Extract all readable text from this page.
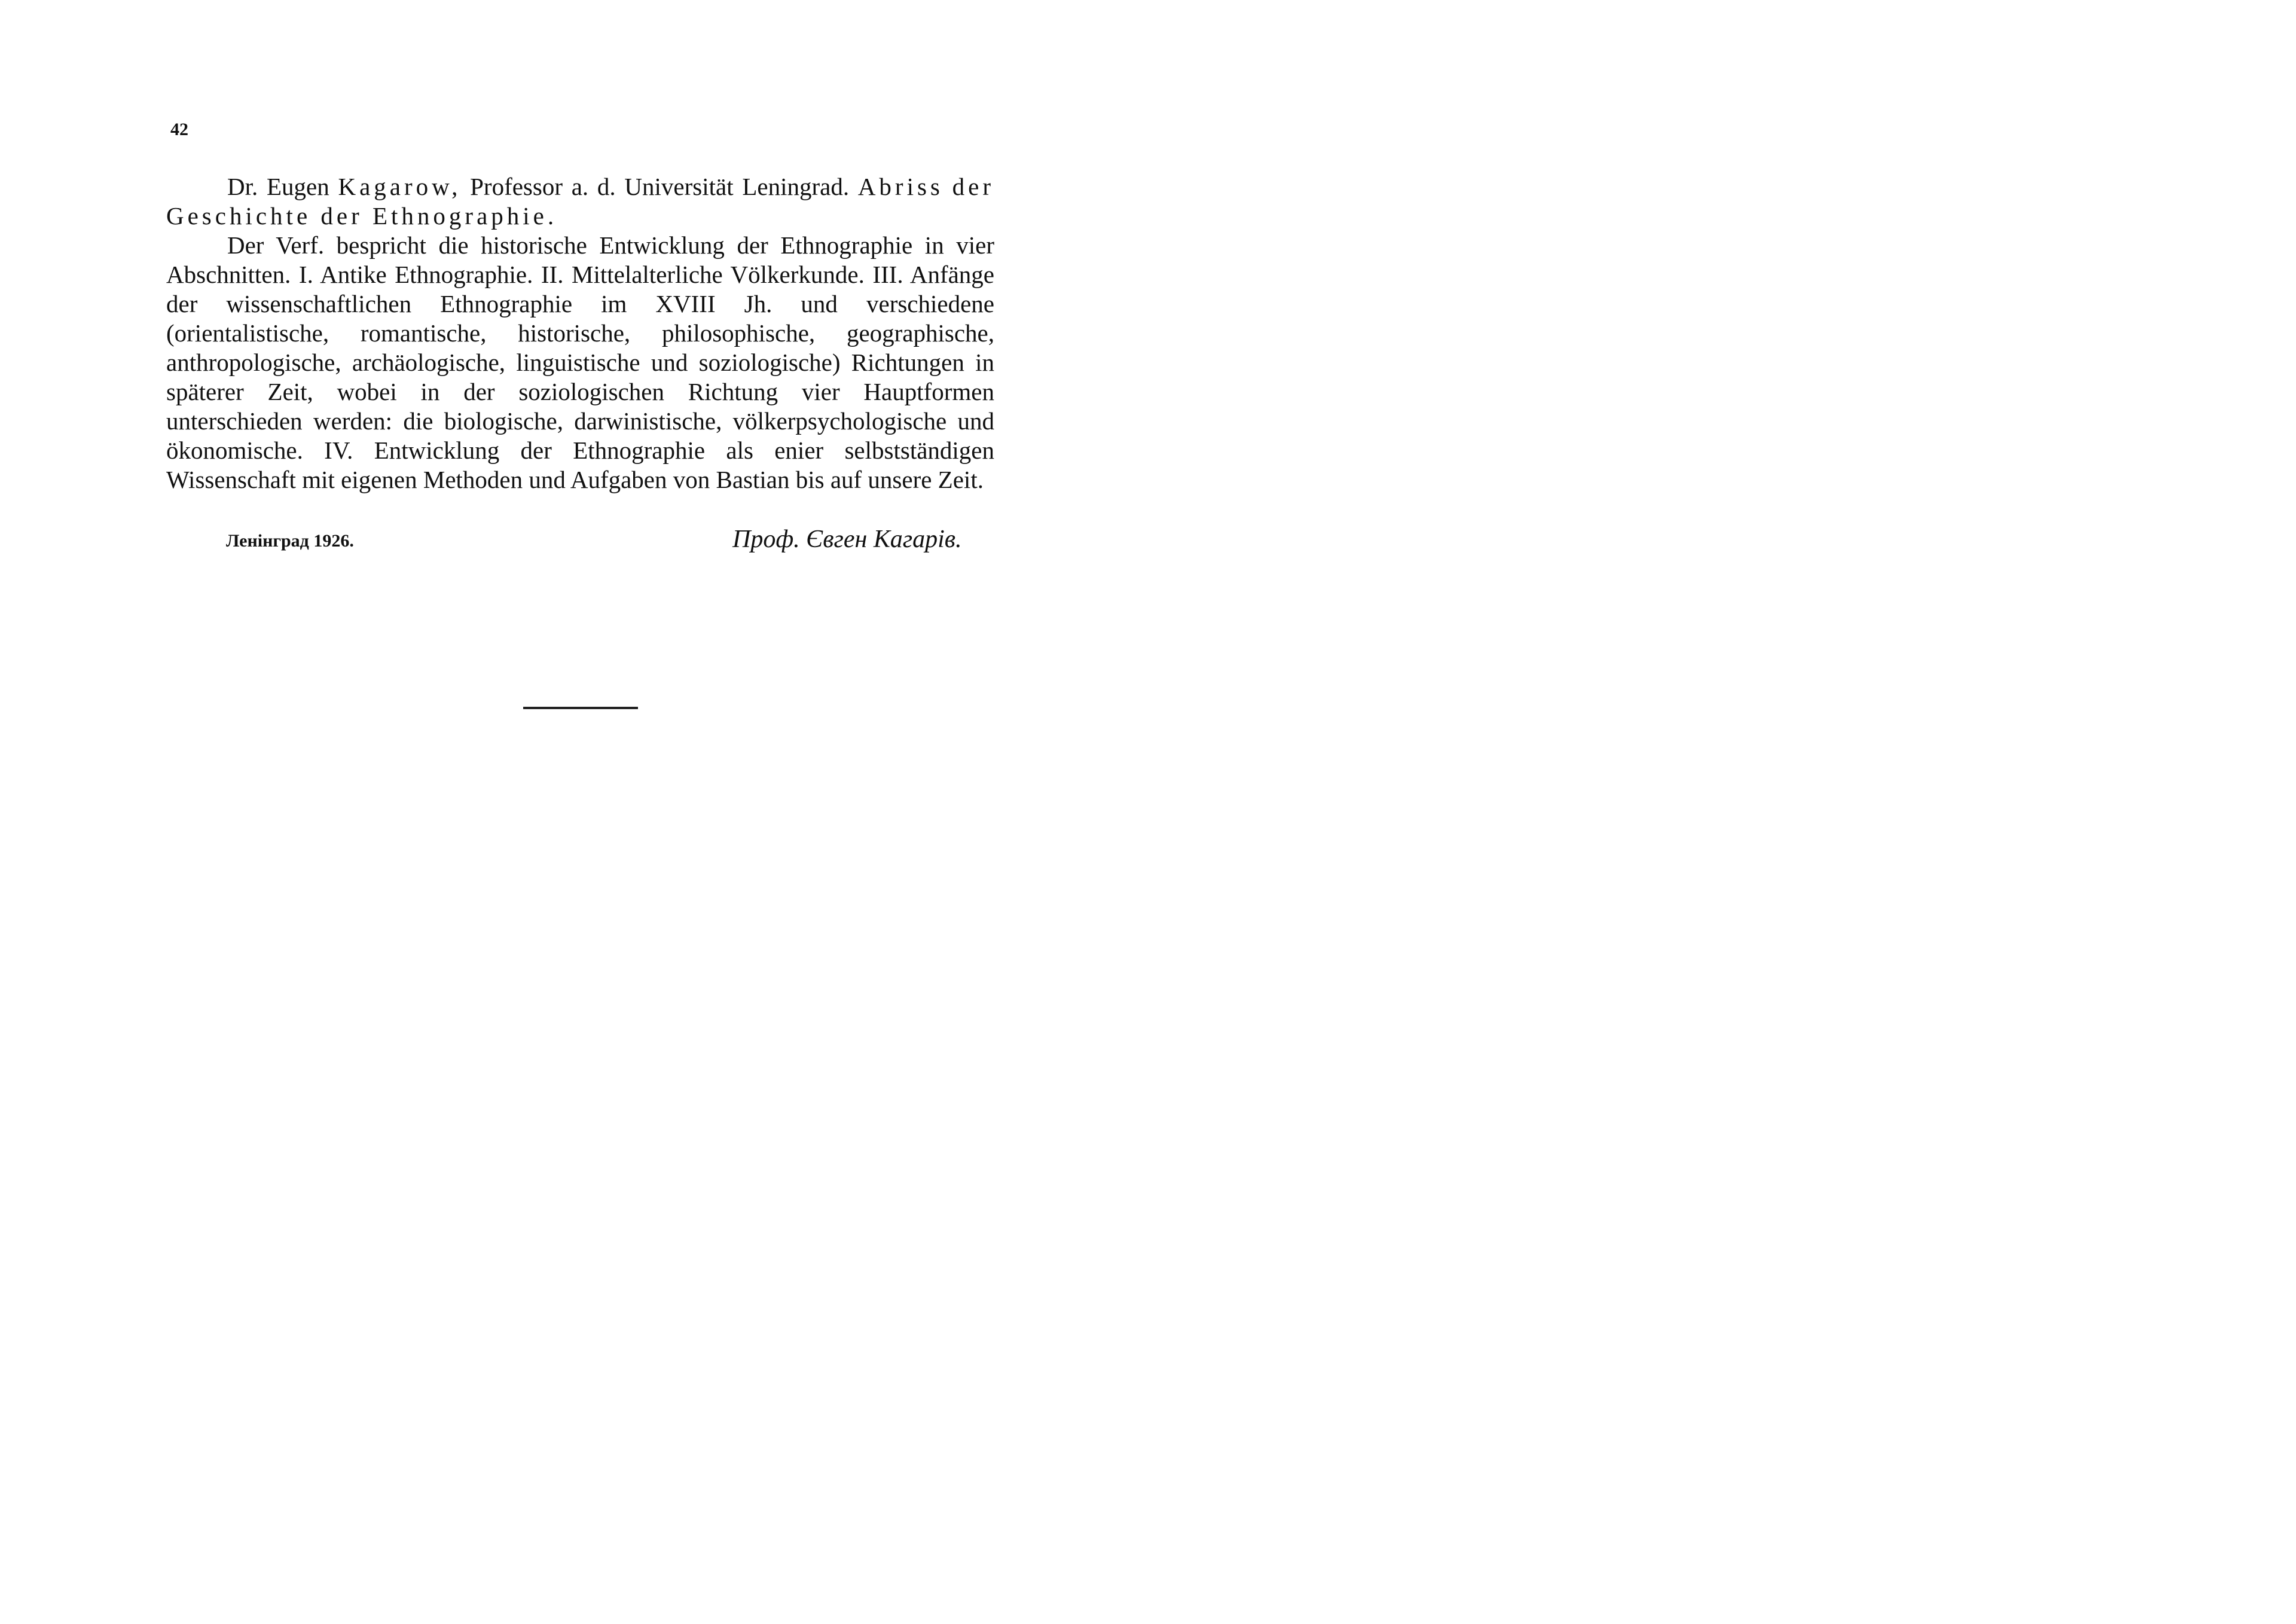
42

Dr. Eugen Kagarow, Professor a. d. Universität Leningrad. Abriss der Geschichte der Ethnographie.

Der Verf. bespricht die historische Entwicklung der Ethnographie in vier Abschnitten. I. Antike Ethnographie. II. Mittelalterliche Völkerkunde. III. Anfänge der wissenschaftlichen Ethnographie im XVIII Jh. und verschiedene (orientalistische, romantische, historische, philosophische, geographische, anthropologische, archäologische, linguistische und soziologische) Richtungen in späterer Zeit, wobei in der soziologischen Richtung vier Hauptformen unterschieden werden: die biologische, darwinistische, völkerpsychologische und ökonomische. IV. Entwicklung der Ethnographie als enier selbstständigen Wissenschaft mit eigenen Methoden und Aufgaben von Bastian bis auf unsere Zeit.

Ленінград 1926.	Проф. Євген Кагарів.
